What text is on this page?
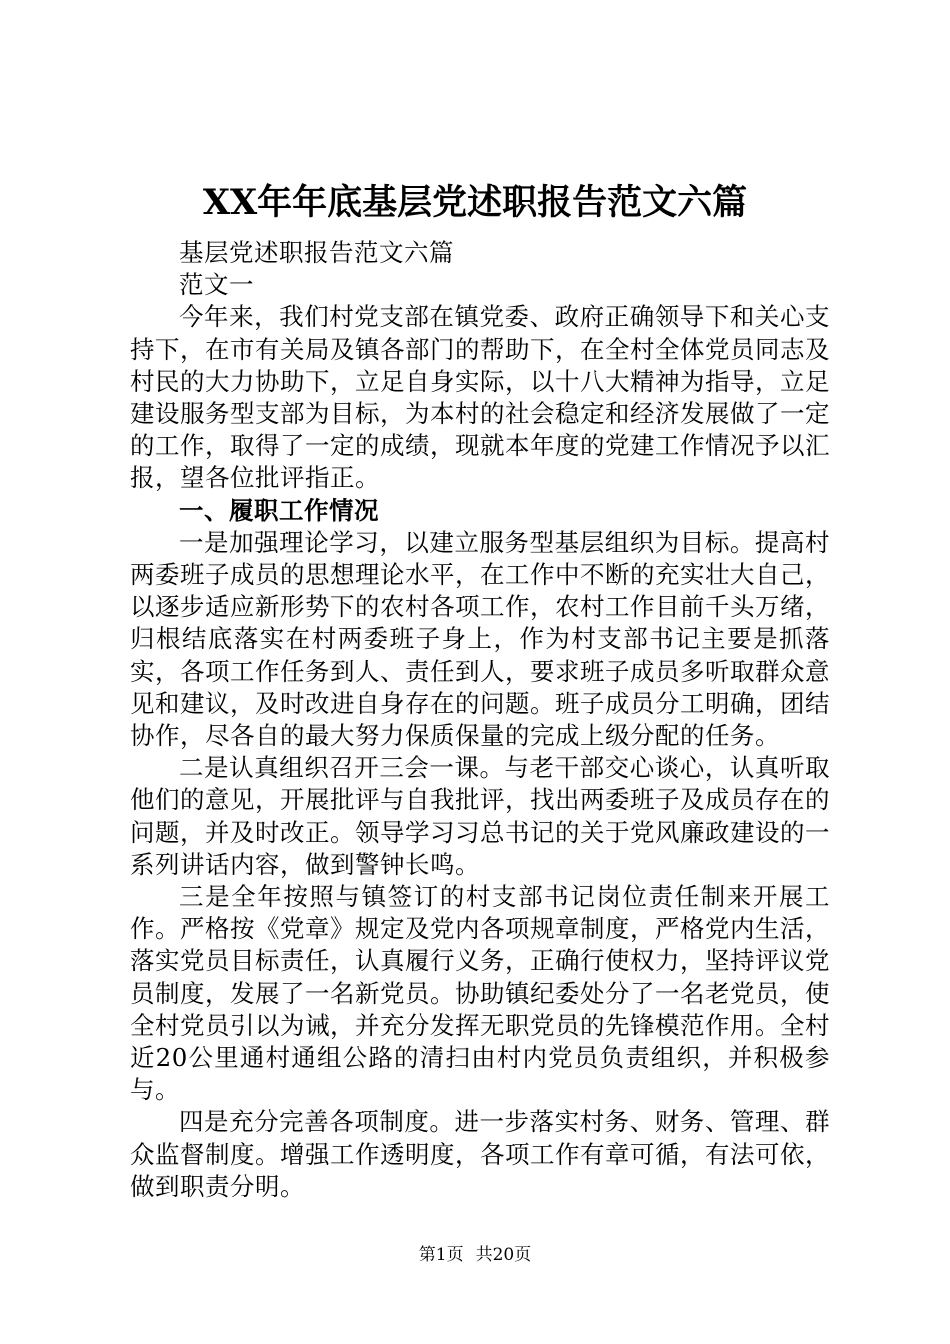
XX年年底基层党述职报告范文六篇

基层党述职报告范文六篇

范文一

今年来，我们村党支部在镇党委、政府正确领导下和关心支持下，在市有关局及镇各部门的帮助下，在全村全体党员同志及村民的大力协助下，立足自身实际，以十八大精神为指导，立足建设服务型支部为目标，为本村的社会稳定和经济发展做了一定的工作，取得了一定的成绩，现就本年度的党建工作情况予以汇报，望各位批评指正。

一、履职工作情况

一是加强理论学习，以建立服务型基层组织为目标。提高村两委班子成员的思想理论水平，在工作中不断的充实壮大自己，以逐步适应新形势下的农村各项工作，农村工作目前千头万绪，归根结底落实在村两委班子身上，作为村支部书记主要是抓落实，各项工作任务到人、责任到人，要求班子成员多听取群众意见和建议，及时改进自身存在的问题。班子成员分工明确，团结协作，尽各自的最大努力保质保量的完成上级分配的任务。

二是认真组织召开三会一课。与老干部交心谈心，认真听取他们的意见，开展批评与自我批评，找出两委班子及成员存在的问题，并及时改正。领导学习习总书记的关于党风廉政建设的一系列讲话内容，做到警钟长鸣。

三是全年按照与镇签订的村支部书记岗位责任制来开展工作。严格按《党章》规定及党内各项规章制度，严格党内生活，落实党员目标责任，认真履行义务，正确行使权力，坚持评议党员制度，发展了一名新党员。协助镇纪委处分了一名老党员，使全村党员引以为诫，并充分发挥无职党员的先锋模范作用。全村近20公里通村通组公路的清扫由村内党员负责组织，并积极参与。

四是充分完善各项制度。进一步落实村务、财务、管理、群众监督制度。增强工作透明度，各项工作有章可循，有法可依，做到职责分明。

第1页 共20页
